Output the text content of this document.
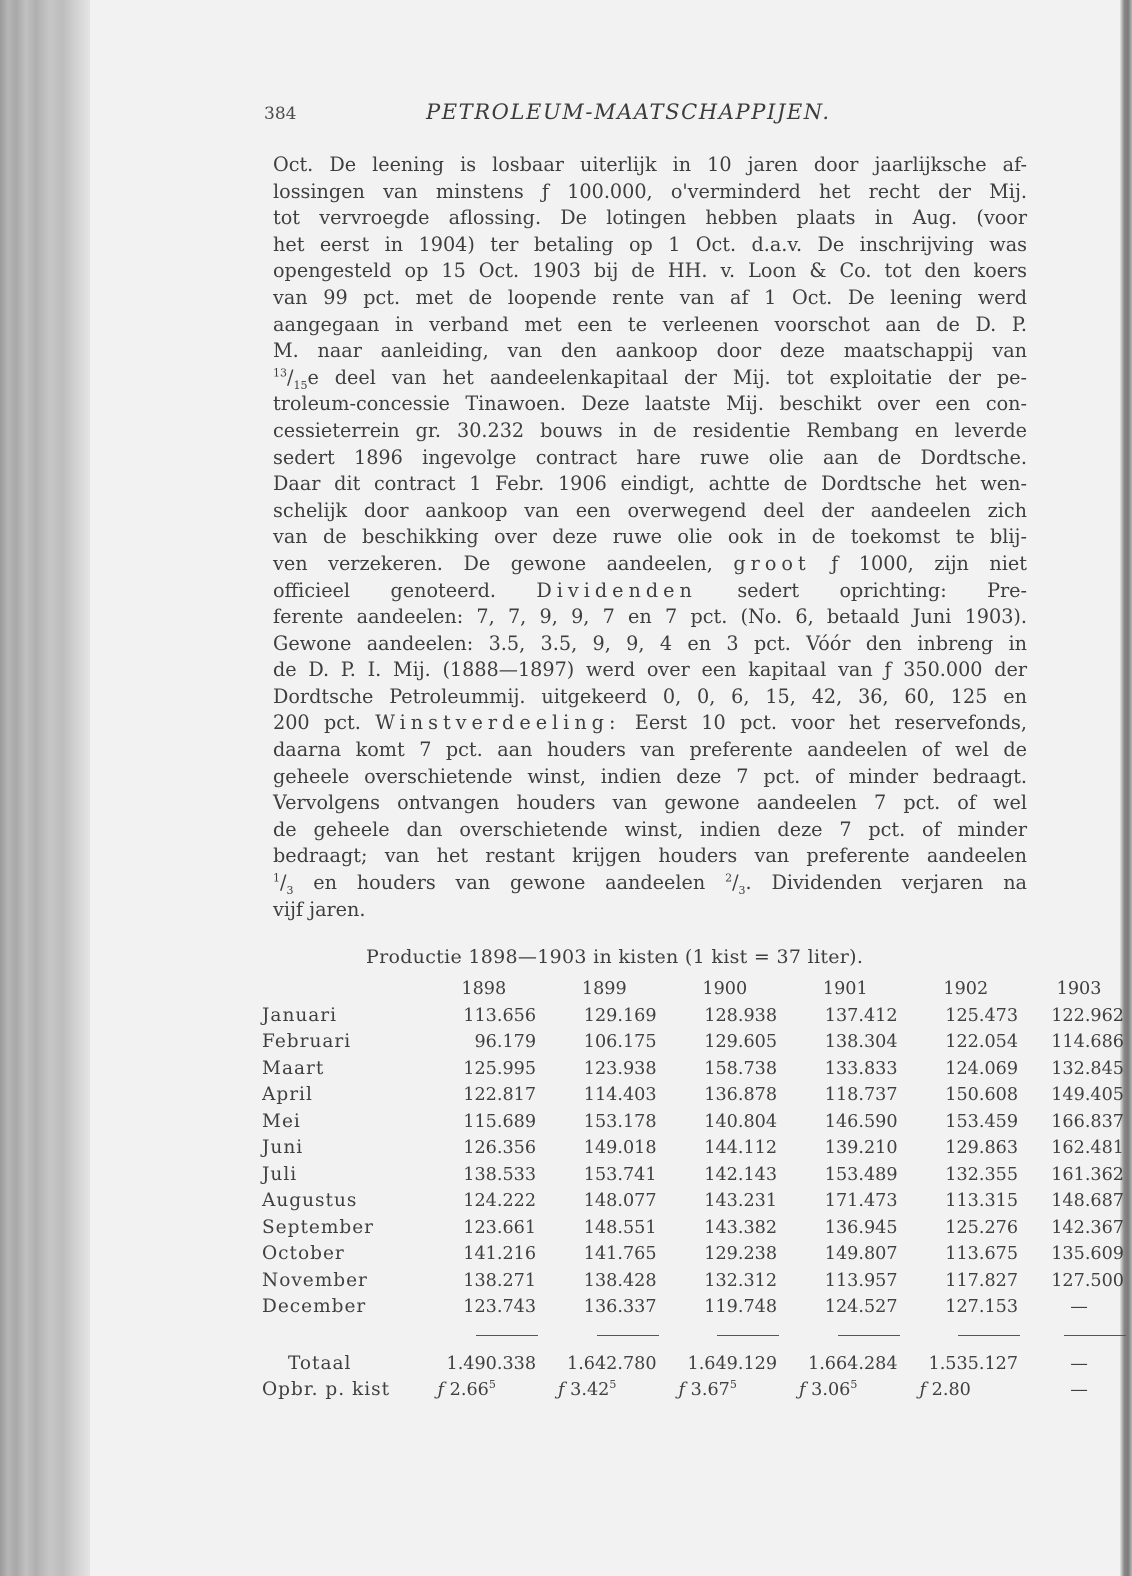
384	PETROLEUM-MAATSCHAPPIJEN.
Oct. De leening is losbaar uiterlijk in 10 jaren door jaarlijksche af-
lossingen van minstens ƒ 100.000, o'verminderd het recht der Mij.
tot vervroegde aflossing. De lotingen hebben plaats in Aug. (voor
het eerst in 1904) ter betaling op 1 Oct. d.a.v. De inschrijving was
opengesteld op 15 Oct. 1903 bij de HH. v. Loon & Co. tot den koers
van 99 pct. met de loopende rente van af 1 Oct. De leening werd
aangegaan in verband met een te verleenen voorschot aan de D. P.
M. naar aanleiding, van den aankoop door deze maatschappij van
$^{13}/_{15}e$ deel van het aandeelenkapitaal der Mij. tot exploitatie der pe-
troleum-concessie Tinawoen. Deze laatste Mij. beschikt over een con-
cessieterrein gr. 30.232 bouws in de residentie Rembang en leverde
sedert 1896 ingevolge contract hare ruwe olie aan de Dordtsche.
Daar dit contract 1 Febr. 1906 eindigt, achtte de Dordtsche het wen-
schelijk door aankoop van een overwegend deel der aandeelen zich
van de beschikking over deze ruwe olie ook in de toekomst te blij-
ven verzekeren. De gewone aandeelen, groot ƒ 1000, zijn niet
officieel genoteerd. Dividenden sedert oprichting: Pre-
ferente aandeelen: 7, 7, 9, 9, 7 en 7 pct. (No. 6, betaald Juni 1903).
Gewone aandeelen: 3.5, 3.5, 9, 9, 4 en 3 pct. Vóór den inbreng in
de D. P. I. Mij. (1888—1897) werd over een kapitaal van ƒ 350.000 der
Dordtsche Petroleummij. uitgekeerd 0, 0, 6, 15, 42, 36, 60, 125 en
200 pct. Winstverdeeling: Eerst 10 pct. voor het reservefonds,
daarna komt 7 pct. aan houders van preferente aandeelen of wel de
geheele overschietende winst, indien deze 7 pct. of minder bedraagt.
Vervolgens ontvangen houders van gewone aandeelen 7 pct. of wel
de geheele dan overschietende winst, indien deze 7 pct. of minder
bedraagt; van het restant krijgen houders van preferente aandeelen
$^1/_3$ en houders van gewone aandeelen $^2/_3$. Dividenden verjaren na
vijf jaren.
Productie 1898—1903 in kisten (1 kist = 37 liter).
	1898	1899	1900	1901	1902	1903
Januari	113.656	129.169	128.938	137.412	125.473	122.962
Februari	96.179	106.175	129.605	138.304	122.054	114.686
Maart	125.995	123.938	158.738	133.833	124.069	132.845
April	122.817	114.403	136.878	118.737	150.608	149.405
Mei	115.689	153.178	140.804	146.590	153.459	166.837
Juni	126.356	149.018	144.112	139.210	129.863	162.481
Juli	138.533	153.741	142.143	153.489	132.355	161.362
Augustus	124.222	148.077	143.231	171.473	113.315	148.687
September	123.661	148.551	143.382	136.945	125.276	142.367
October	141.216	141.765	129.238	149.807	113.675	135.609
November	138.271	138.428	132.312	113.957	117.827	127.500
December	123.743	136.337	119.748	124.527	127.153	—

Totaal	1.490.338	1.642.780	1.649.129	1.664.284	1.535.127	—
Opbr. p. kist	ƒ 2.66$^5$	ƒ 3.42$^5$	ƒ 3.67$^5$	ƒ 3.06$^5$	ƒ 2.80	—
